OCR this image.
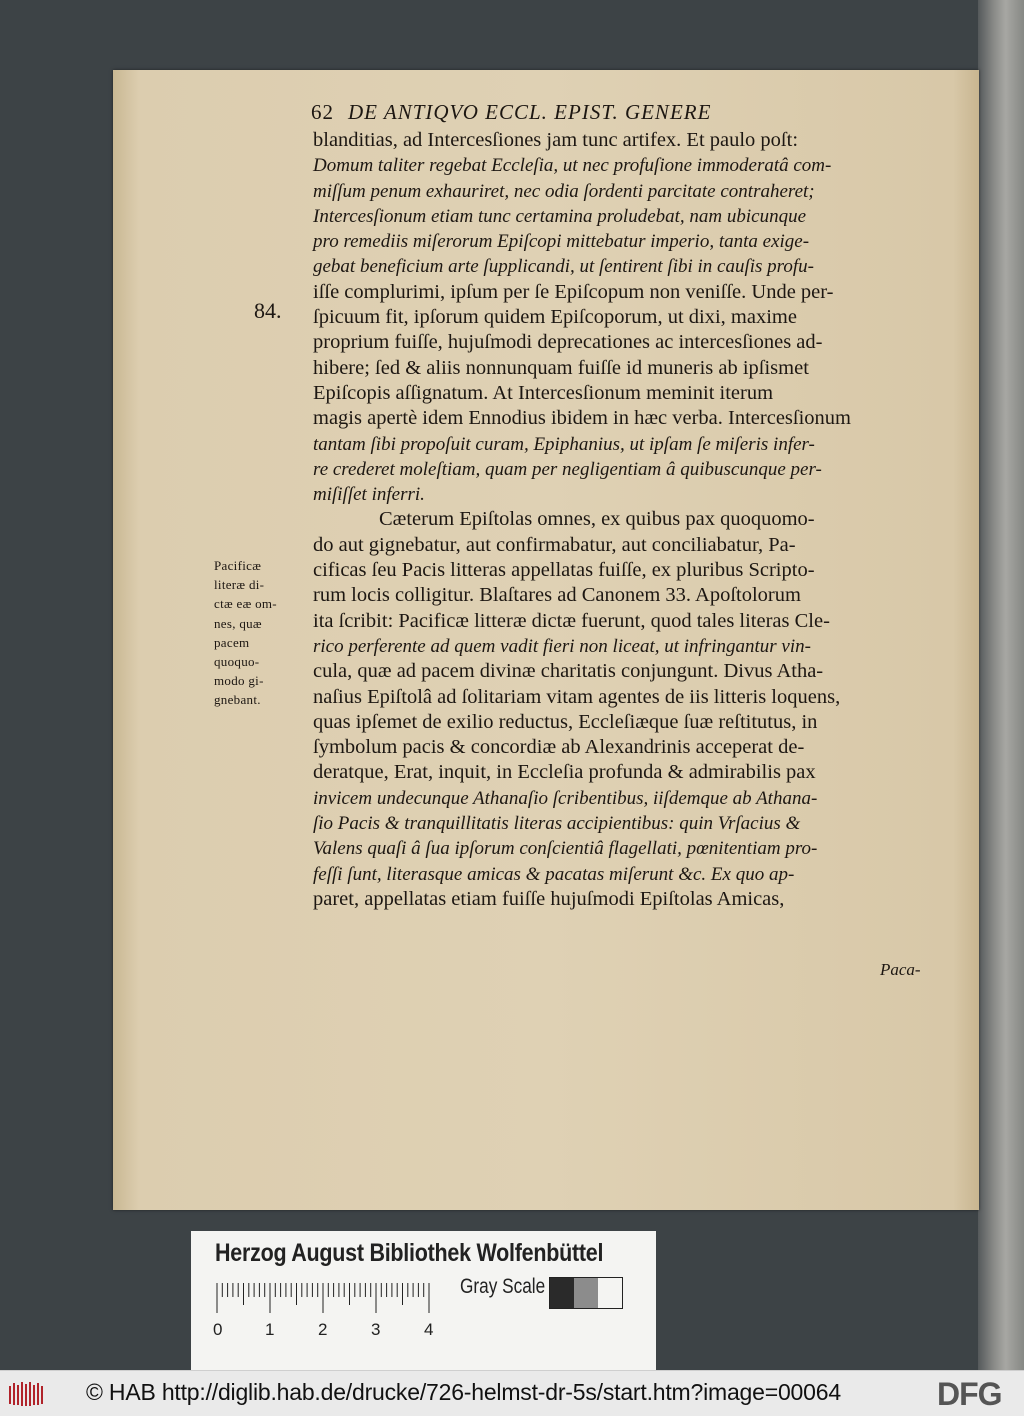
62 DE ANTIQVO ECCL. EPIST. GENERE
84.
blanditias, ad Intercesſiones jam tunc artifex. Et paulo poſt:
Domum taliter regebat Eccleſia, ut nec profuſione immoderatâ com-
miſſum penum exhauriret, nec odia ſordenti parcitate contraheret;
Intercesſionum etiam tunc certamina proludebat, nam ubicunque
pro remediis miſerorum Epiſcopi mittebatur imperio, tanta exige-
gebat beneficium arte ſupplicandi, ut ſentirent ſibi in cauſis profu-
iſſe complurimi, ipſum per ſe Epiſcopum non veniſſe. Unde per-
ſpicuum fit, ipſorum quidem Epiſcoporum, ut dixi, maxime
proprium fuiſſe, hujuſmodi deprecationes ac intercesſiones ad-
hibere; ſed & aliis nonnunquam fuiſſe id muneris ab ipſismet
Epiſcopis aſſignatum. At Intercesſionum meminit iterum
magis apertè idem Ennodius ibidem in hæc verba. Intercesſionum
tantam ſibi propoſuit curam, Epiphanius, ut ipſam ſe miſeris infer-
re crederet moleſtiam, quam per negligentiam â quibuscunque per-
miſiſſet inferri.
Cæterum Epiſtolas omnes, ex quibus pax quoquomo-
do aut gignebatur, aut confirmabatur, aut conciliabatur, Pa-
cificas ſeu Pacis litteras appellatas fuiſſe, ex pluribus Scripto-
rum locis colligitur. Blaſtares ad Canonem 33. Apoſtolorum
ita ſcribit: Pacificæ litteræ dictæ fuerunt, quod tales literas Cle-
rico perferente ad quem vadit fieri non liceat, ut infringantur vin-
cula, quæ ad pacem divinæ charitatis conjungunt. Divus Atha-
naſius Epiſtolâ ad ſolitariam vitam agentes de iis litteris loquens,
quas ipſemet de exilio reductus, Eccleſiæque ſuæ reſtitutus, in
ſymbolum pacis & concordiæ ab Alexandrinis acceperat de-
deratque, Erat, inquit, in Eccleſia profunda & admirabilis pax
invicem undecunque Athanaſio ſcribentibus, iiſdemque ab Athana-
ſio Pacis & tranquillitatis literas accipientibus: quin Vrſacius &
Valens quaſi â ſua ipſorum conſcientiâ flagellati, pœnitentiam pro-
feſſi ſunt, literasque amicas & pacatas miſerunt &c. Ex quo ap-
paret, appellatas etiam fuiſſe hujuſmodi Epiſtolas Amicas,
Paca-
Pacificæ
literæ di-
ctæ eæ om-
nes, quæ
pacem
quoquo-
modo gi-
gnebant.
Herzog August Bibliothek Wolfenbüttel
0	1	2	3	4
Gray Scale
© HAB http://diglib.hab.de/drucke/726-helmst-dr-5s/start.htm?image=00064	DFG
